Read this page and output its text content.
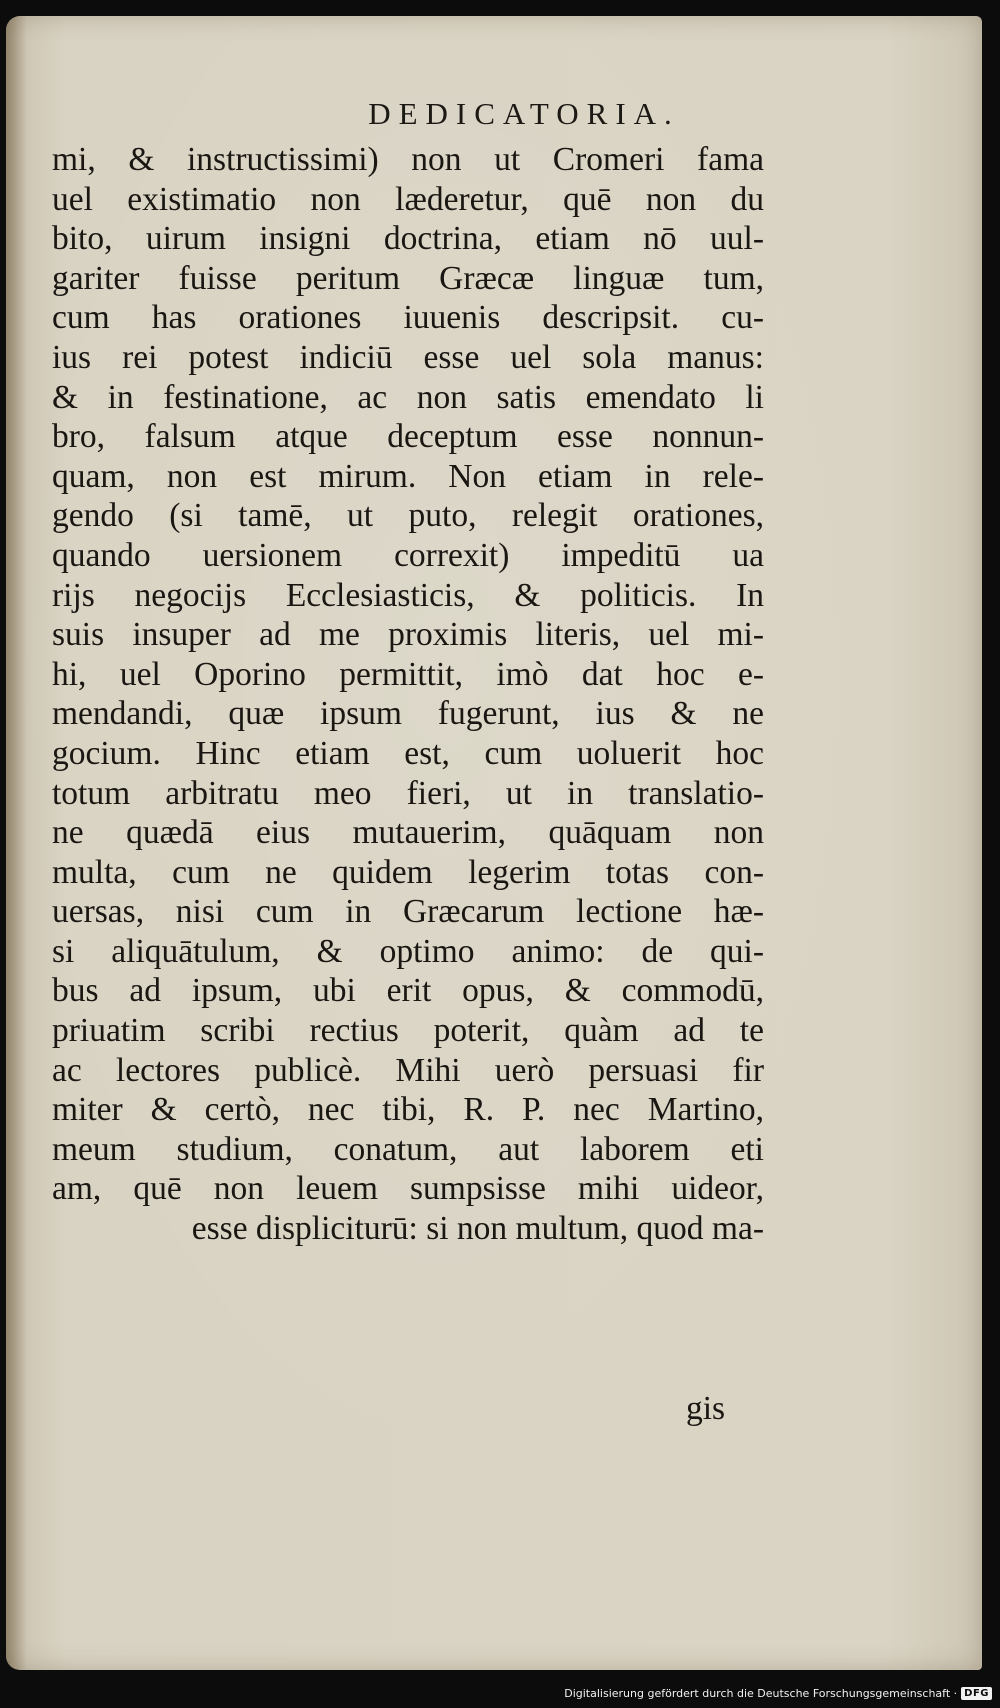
DEDICATORIA.
mi, & instructissimi) non ut Cromeri fama
uel existimatio non læderetur, quē non du
bito, uirum insigni doctrina, etiam nō uul-
gariter fuisse peritum Græcæ linguæ tum,
cum has orationes iuuenis descripsit. cu-
ius rei potest indiciū esse uel sola manus:
& in festinatione, ac non satis emendato li
bro, falsum atque deceptum esse nonnun-
quam, non est mirum. Non etiam in rele-
gendo (si tamē, ut puto, relegit orationes,
quando uersionem correxit) impeditū ua
rijs negocijs Ecclesiasticis, & politicis. In
suis insuper ad me proximis literis, uel mi-
hi, uel Oporino permittit, imò dat hoc e-
mendandi, quæ ipsum fugerunt, ius & ne
gocium. Hinc etiam est, cum uoluerit hoc
totum arbitratu meo fieri, ut in translatio-
ne quædā eius mutauerim, quāquam non
multa, cum ne quidem legerim totas con-
uersas, nisi cum in Græcarum lectione hæ-
si aliquātulum, & optimo animo: de qui-
bus ad ipsum, ubi erit opus, & commodū,
priuatim scribi rectius poterit, quàm ad te
ac lectores publicè. Mihi uerò persuasi fir
miter & certò, nec tibi, R. P. nec Martino,
meum studium, conatum, aut laborem eti
am, quē non leuem sumpsisse mihi uideor,
esse displiciturū: si non multum, quod ma-
gis
Digitalisierung gefördert durch die Deutsche Forschungsgemeinschaft · DFG
